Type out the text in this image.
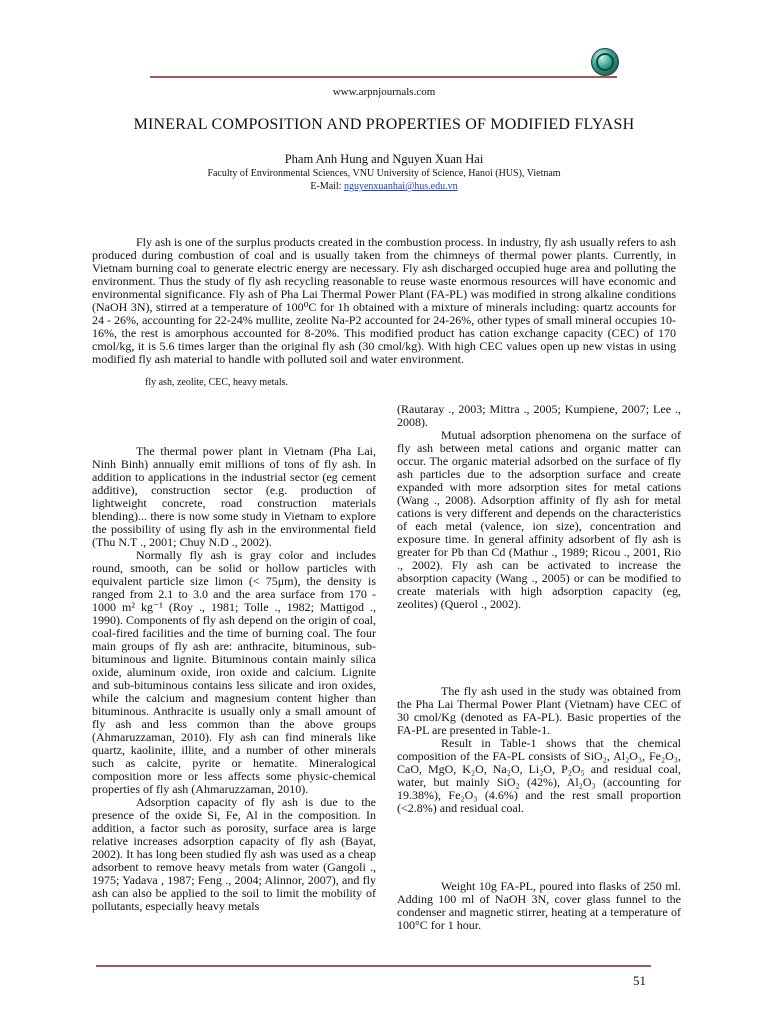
www.arpnjournals.com
MINERAL COMPOSITION AND PROPERTIES OF MODIFIED FLYASH
Pham Anh Hung and Nguyen Xuan Hai
Faculty of Environmental Sciences, VNU University of Science, Hanoi (HUS), Vietnam
E-Mail: nguyenxuanhai@hus.edu.vn

Fly ash is one of the surplus products created in the combustion process. In industry, fly ash usually refers to ash produced during combustion of coal and is usually taken from the chimneys of thermal power plants. Currently, in Vietnam burning coal to generate electric energy are necessary. Fly ash discharged occupied huge area and polluting the environment. Thus the study of fly ash recycling reasonable to reuse waste enormous resources will have economic and environmental significance. Fly ash of Pha Lai Thermal Power Plant (FA-PL) was modified in strong alkaline conditions (NaOH 3N), stirred at a temperature of 100⁰C for 1h obtained with a mixture of minerals including: quartz accounts for 24 - 26%, accounting for 22-24% mullite, zeolite Na-P2 accounted for 24-26%, other types of small mineral occupies 10-16%, the rest is amorphous accounted for 8-20%. This modified product has cation exchange capacity (CEC) of 170 cmol/kg, it is 5.6 times larger than the original fly ash (30 cmol/kg). With high CEC values open up new vistas in using modified fly ash material to handle with polluted soil and water environment.

fly ash, zeolite, CEC, heavy metals.

The thermal power plant in Vietnam (Pha Lai, Ninh Binh) annually emit millions of tons of fly ash. In addition to applications in the industrial sector (eg cement additive), construction sector (e.g. production of lightweight concrete, road construction materials blending)... there is now some study in Vietnam to explore the possibility of using fly ash in the environmental field (Thu N.T ., 2001; Chuy N.D ., 2002).

Normally fly ash is gray color and includes round, smooth, can be solid or hollow particles with equivalent particle size limon (< 75μm), the density is ranged from 2.1 to 3.0 and the area surface from 170 - 1000 m² kg⁻¹ (Roy ., 1981; Tolle ., 1982; Mattigod ., 1990). Components of fly ash depend on the origin of coal, coal-fired facilities and the time of burning coal. The four main groups of fly ash are: anthracite, bituminous, sub-bituminous and lignite. Bituminous contain mainly silica oxide, aluminum oxide, iron oxide and calcium. Lignite and sub-bituminous contains less silicate and iron oxides, while the calcium and magnesium content higher than bituminous. Anthracite is usually only a small amount of fly ash and less common than the above groups (Ahmaruzzaman, 2010). Fly ash can find minerals like quartz, kaolinite, illite, and a number of other minerals such as calcite, pyrite or hematite. Mineralogical composition more or less affects some physic-chemical properties of fly ash (Ahmaruzzaman, 2010).

Adsorption capacity of fly ash is due to the presence of the oxide Si, Fe, Al in the composition. In addition, a factor such as porosity, surface area is large relative increases adsorption capacity of fly ash (Bayat, 2002). It has long been studied fly ash was used as a cheap adsorbent to remove heavy metals from water (Gangoli ., 1975; Yadava , 1987; Feng ., 2004; Alinnor, 2007), and fly ash can also be applied to the soil to limit the mobility of pollutants, especially heavy metals

(Rautaray ., 2003; Mittra ., 2005; Kumpiene, 2007; Lee ., 2008).

Mutual adsorption phenomena on the surface of fly ash between metal cations and organic matter can occur. The organic material adsorbed on the surface of fly ash particles due to the adsorption surface and create expanded with more adsorption sites for metal cations (Wang ., 2008). Adsorption affinity of fly ash for metal cations is very different and depends on the characteristics of each metal (valence, ion size), concentration and exposure time. In general affinity adsorbent of fly ash is greater for Pb than Cd (Mathur ., 1989; Ricou ., 2001, Rio ., 2002). Fly ash can be activated to increase the absorption capacity (Wang ., 2005) or can be modified to create materials with high adsorption capacity (eg, zeolites) (Querol ., 2002).

The fly ash used in the study was obtained from the Pha Lai Thermal Power Plant (Vietnam) have CEC of 30 cmol/Kg (denoted as FA-PL). Basic properties of the FA-PL are presented in Table-1.

Result in Table-1 shows that the chemical composition of the FA-PL consists of SiO₂, Al₂O₃, Fe₂O₃, CaO, MgO, K₂O, Na₂O, Li₂O, P₂O₅ and residual coal, water, but mainly SiO₂ (42%), Al₂O₃ (accounting for 19.38%), Fe₂O₃ (4.6%) and the rest small proportion (<2.8%) and residual coal.

Weight 10g FA-PL, poured into flasks of 250 ml. Adding 100 ml of NaOH 3N, cover glass funnel to the condenser and magnetic stirrer, heating at a temperature of 100°C for 1 hour.

51
